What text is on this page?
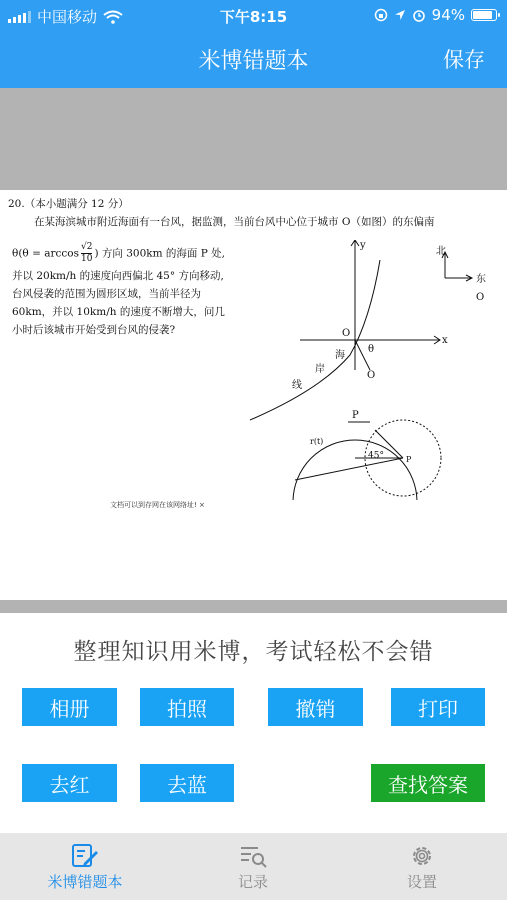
中国移动	下午8:15	94%
米博错题本	保存
20.（本小题满分 12 分）
在某海滨城市附近海面有一台风，据监测，当前台风中心位于城市 O（如图）的东偏南
$\theta(\theta = \arccos \frac{√2}{10}$ ) 方向 300km 的海面 P 处,
并以 20km/h 的速度向西偏北 45° 方向移动,
台风侵袭的范围为圆形区域，当前半径为
60km，并以 10km/h 的速度不断增大，问几
小时后该城市开始受到台风的侵袭?
y
x
O
θ
O
海
岸
线
P
r(t)
45°	P
北
东
O
文档可以到存网在该网络址! ×
整理知识用米博，考试轻松不会错
相册	拍照	撤销	打印
去红	去蓝	查找答案
米博错题本	记录	设置
